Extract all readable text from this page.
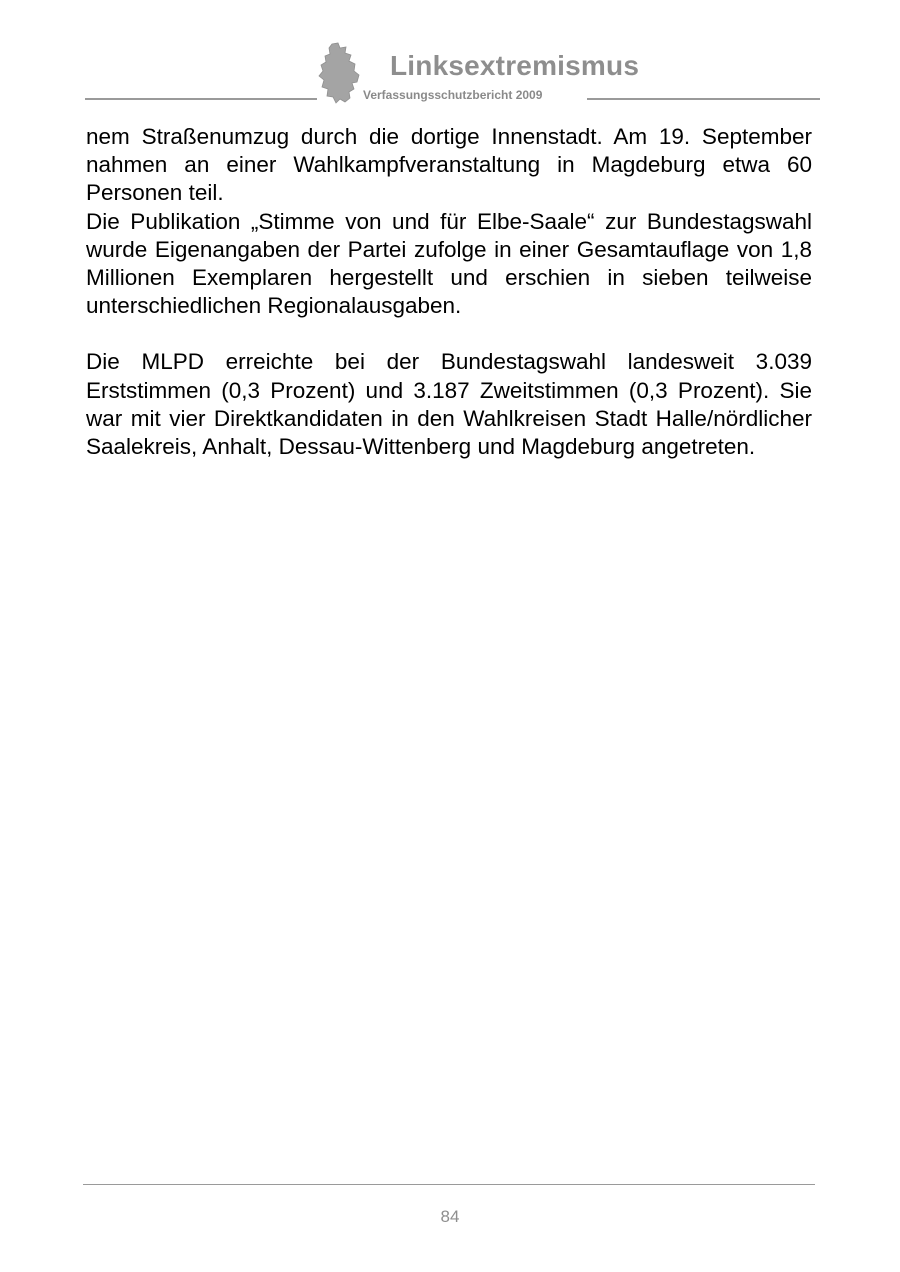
Linksextremismus
Verfassungsschutzbericht 2009

nem Straßenumzug durch die dortige Innenstadt. Am 19. September nahmen an einer Wahlkampfveranstaltung in Magdeburg etwa 60 Personen teil.

Die Publikation „Stimme von und für Elbe-Saale“ zur Bundestagswahl wurde Eigenangaben der Partei zufolge in einer Gesamtauflage von 1,8 Millionen Exemplaren hergestellt und erschien in sieben teilweise unterschiedlichen Regionalausgaben.

Die MLPD erreichte bei der Bundestagswahl landesweit 3.039 Erststimmen (0,3 Prozent) und 3.187 Zweitstimmen (0,3 Prozent). Sie war mit vier Direktkandidaten in den Wahlkreisen Stadt Halle/nördlicher Saalekreis, Anhalt, Dessau-Wittenberg und Magdeburg angetreten.

84
